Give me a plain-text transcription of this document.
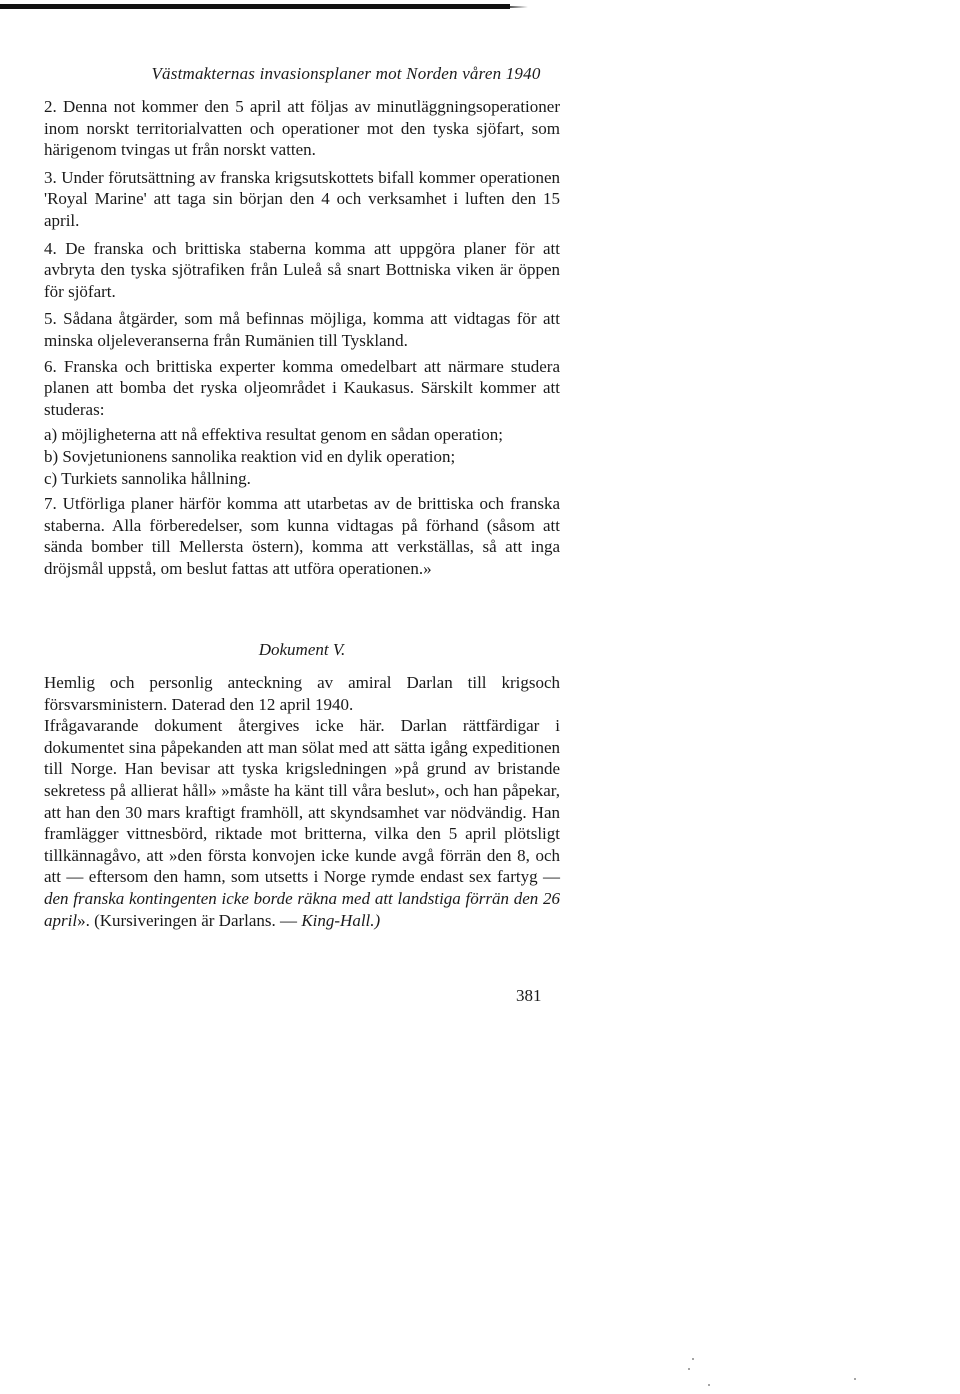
Västmakternas invasionsplaner mot Norden våren 1940

2. Denna not kommer den 5 april att följas av minutläggningsoperationer inom norskt territorialvatten och operationer mot den tyska sjöfart, som härigenom tvingas ut från norskt vatten.

3. Under förutsättning av franska krigsutskottets bifall kommer operationen 'Royal Marine' att taga sin början den 4 och verksamhet i luften den 15 april.

4. De franska och brittiska staberna komma att uppgöra planer för att avbryta den tyska sjötrafiken från Luleå så snart Bottniska viken är öppen för sjöfart.

5. Sådana åtgärder, som må befinnas möjliga, komma att vidtagas för att minska oljeleveranserna från Rumänien till Tyskland.

6. Franska och brittiska experter komma omedelbart att närmare studera planen att bomba det ryska oljeområdet i Kaukasus. Särskilt kommer att studeras:

a) möjligheterna att nå effektiva resultat genom en sådan operation;

b) Sovjetunionens sannolika reaktion vid en dylik operation;

c) Turkiets sannolika hållning.

7. Utförliga planer härför komma att utarbetas av de brittiska och franska staberna. Alla förberedelser, som kunna vidtagas på förhand (såsom att sända bomber till Mellersta östern), komma att verkställas, så att inga dröjsmål uppstå, om beslut fattas att utföra operationen.»

Dokument V.

Hemlig och personlig anteckning av amiral Darlan till krigsoch försvarsministern. Daterad den 12 april 1940.

Ifrågavarande dokument återgives icke här. Darlan rättfärdigar i dokumentet sina påpekanden att man sölat med att sätta igång expeditionen till Norge. Han bevisar att tyska krigsledningen »på grund av bristande sekretess på allierat håll» »måste ha känt till våra beslut», och han påpekar, att han den 30 mars kraftigt framhöll, att skyndsamhet var nödvändig. Han framlägger vittnesbörd, riktade mot britterna, vilka den 5 april plötsligt tillkännagåvo, att »den första konvojen icke kunde avgå förrän den 8, och att — eftersom den hamn, som utsetts i Norge rymde endast sex fartyg — den franska kontingenten icke borde räkna med att landstiga förrän den 26 april». (Kursiveringen är Darlans. — King-Hall.)

381
